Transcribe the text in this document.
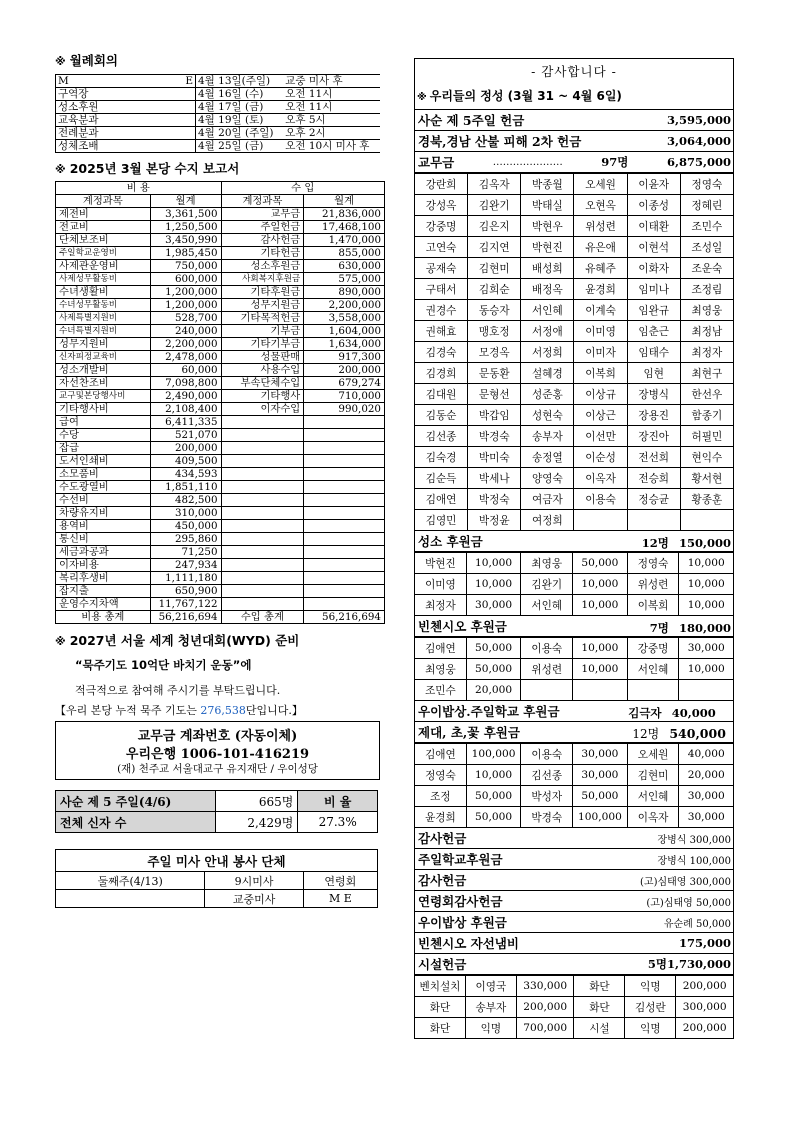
※ 월례회의
M E	4월 13일(주일)	교중 미사 후
구역장	4월 16일 (수)	오전 11시
성소후원	4월 17일 (금)	오전 11시
교육분과	4월 19일 (토)	오후 5시
전례분과	4월 20일 (주일)	오후 2시
성체조배	4월 25일 (금)	오전 10시 미사 후
※ 2025년 3월 본당 수지 보고서
비 용		수 입	
계정과목	월계	계정과목	월계
제전비	3,361,500	교무금	21,836,000
전교비	1,250,500	주일헌금	17,468,100
단체보조비	3,450,990	감사헌금	1,470,000
주일학교운영비	1,985,450	기타헌금	855,000
사제관운영비	750,000	성소후원금	630,000
사제성무활동비	600,000	사회복지후원금	575,000
수녀생활비	1,200,000	기타후원금	890,000
수녀성무활동비	1,200,000	성무지원금	2,200,000
사제특별지원비	528,700	기타목적헌금	3,558,000
수녀특별지원비	240,000	기부금	1,604,000
성무지원비	2,200,000	기타기부금	1,634,000
신자피정교육비	2,478,000	성물판매	917,300
성소개발비	60,000	사용수입	200,000
자선찬조비	7,098,800	부속단체수입	679,274
교구및본당행사비	2,490,000	기타행사	710,000
기타행사비	2,108,400	이자수입	990,020
급여	6,411,335		
수당	521,070		
잡급	200,000		
도서인쇄비	409,500		
소모품비	434,593		
수도광열비	1,851,110		
수선비	482,500		
차량유지비	310,000		
용역비	450,000		
통신비	295,860		
세금과공과	71,250		
이자비용	247,934		
복리후생비	1,111,180		
잡지출	650,900		
운영수지차액	11,767,122		
비용 총계	56,216,694	수입 총계	56,216,694
※ 2027년 서울 세계 청년대회(WYD) 준비
“묵주기도 10억단 바치기 운동”에
적극적으로 참여해 주시기를 부탁드립니다.
【우리 본당 누적 묵주 기도는 276,538단입니다.】
교무금 계좌번호 (자동이체)
우리은행 1006-101-416219
(재) 천주교 서울대교구 유지재단 / 우이성당
사순 제 5 주일(4/6)	665명	비 율
전체 신자 수	2,429명	27.3%
주일 미사 안내 봉사 단체		
둘째주(4/13)	9시미사	연령회
	교중미사	M E
- 감사합니다 -
※ 우리들의 정성 (3월 31 ~ 4월 6일)
사순 제 5주일 헌금	3,595,000
경북,경남 산불 피해 2차 헌금	3,064,000
교무금	…………………	97명	6,875,000
강란희	김옥자	박종월	오세원	이윤자	정영숙
강성옥	김완기	박태실	오현옥	이종성	정혜린
강중명	김은지	박현우	위성련	이태환	조민수
고연숙	김지연	박현진	유은애	이현석	조성일
공재숙	김현미	배성희	유혜주	이화자	조운숙
구태서	김희순	배정옥	윤경희	임미나	조정림
권경수	동승자	서인혜	이계숙	임완규	최영웅
권해효	맹호정	서정애	이미영	임춘근	최정남
김경숙	모경옥	서정희	이미자	임태수	최정자
김경희	문동환	설혜경	이복희	임현	최현구
김대원	문형선	성준홍	이상규	장병식	한선우
김동순	박갑임	성현숙	이상근	장용진	함종기
김선종	박경숙	송부자	이선만	장진아	허필민
김숙경	박미숙	송정열	이순성	전선희	현익수
김순득	박세나	양영숙	이옥자	전승희	황서현
김애연	박정숙	여금자	이용숙	정승균	황종훈
김영민	박정윤	여정희			
성소 후원금	12명 150,000
박현진	10,000	최영웅	50,000	정영숙	10,000
이미영	10,000	김완기	10,000	위성련	10,000
최정자	30,000	서인혜	10,000	이복희	10,000
빈첸시오 후원금	7명 180,000
김애연	50,000	이용숙	10,000	강중명	30,000
최영웅	50,000	위성련	10,000	서인혜	10,000
조민수	20,000				
우이밥상.주일학교 후원금	김극자 40,000
제대, 초,꽃 후원금	12명 540,000
김애연	100,000	이용숙	30,000	오세원	40,000
정영숙	10,000	김선종	30,000	김현미	20,000
조정	50,000	박성자	50,000	서인혜	30,000
윤경희	50,000	박경숙	100,000	이옥자	30,000
감사헌금	장병식 300,000
주일학교후원금	장병식 100,000
감사헌금	(고)심태영 300,000
연령회감사헌금	(고)심태영 50,000
우이밥상 후원금	유순례 50,000
빈첸시오 자선냄비	175,000
시설헌금	5명1,730,000
벤치설치	이영국	330,000	화단	익명	200,000
화단	송부자	200,000	화단	김성란	300,000
화단	익명	700,000	시설	익명	200,000
